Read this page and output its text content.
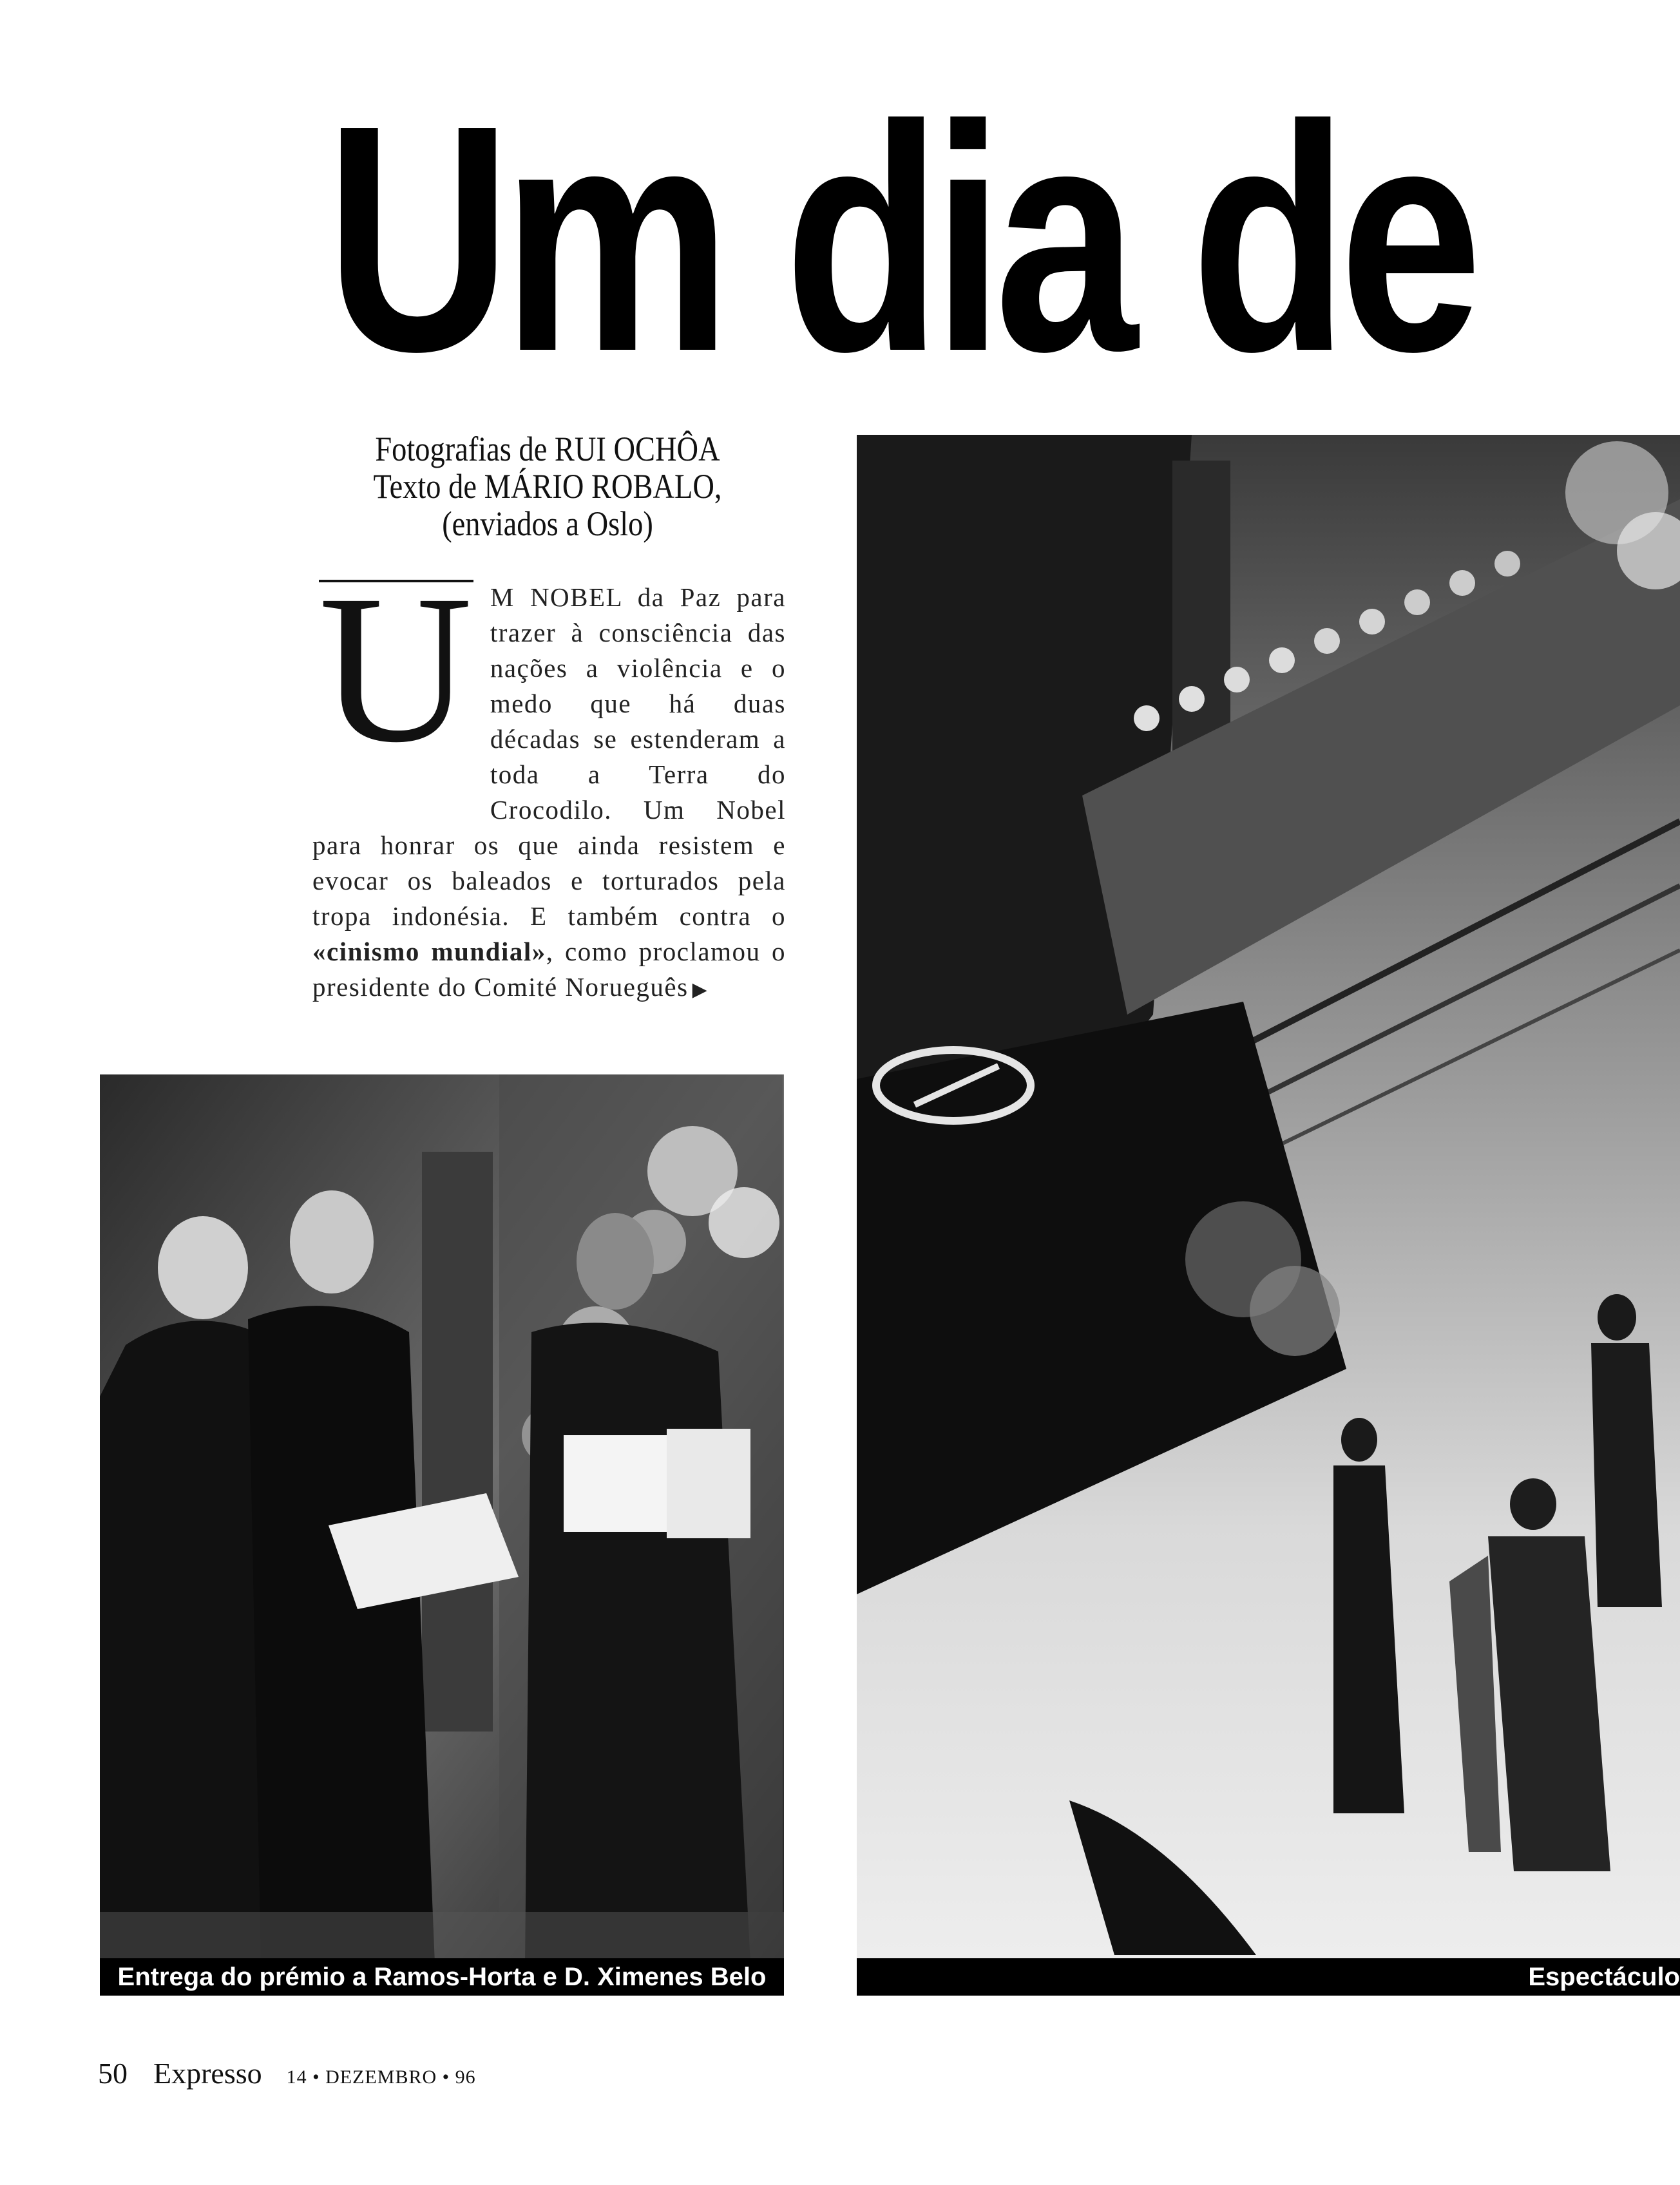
Um dia de
Fotografias de RUI OCHÔA
Texto de MÁRIO ROBALO,
(enviados a Oslo)
U M NOBEL da Paz para trazer à consciência das nações a violência e o medo que há duas décadas se estenderam a toda a Terra do Crocodilo. Um Nobel para honrar os que ainda resistem e evocar os baleados e torturados pela tropa indonésia. E também contra o «cinismo mundial», como proclamou o presidente do Comité Norueguês ▶
Entrega do prémio a Ramos-Horta e D. Ximenes Belo	Espectáculo
50 Expresso 14 • DEZEMBRO • 96
